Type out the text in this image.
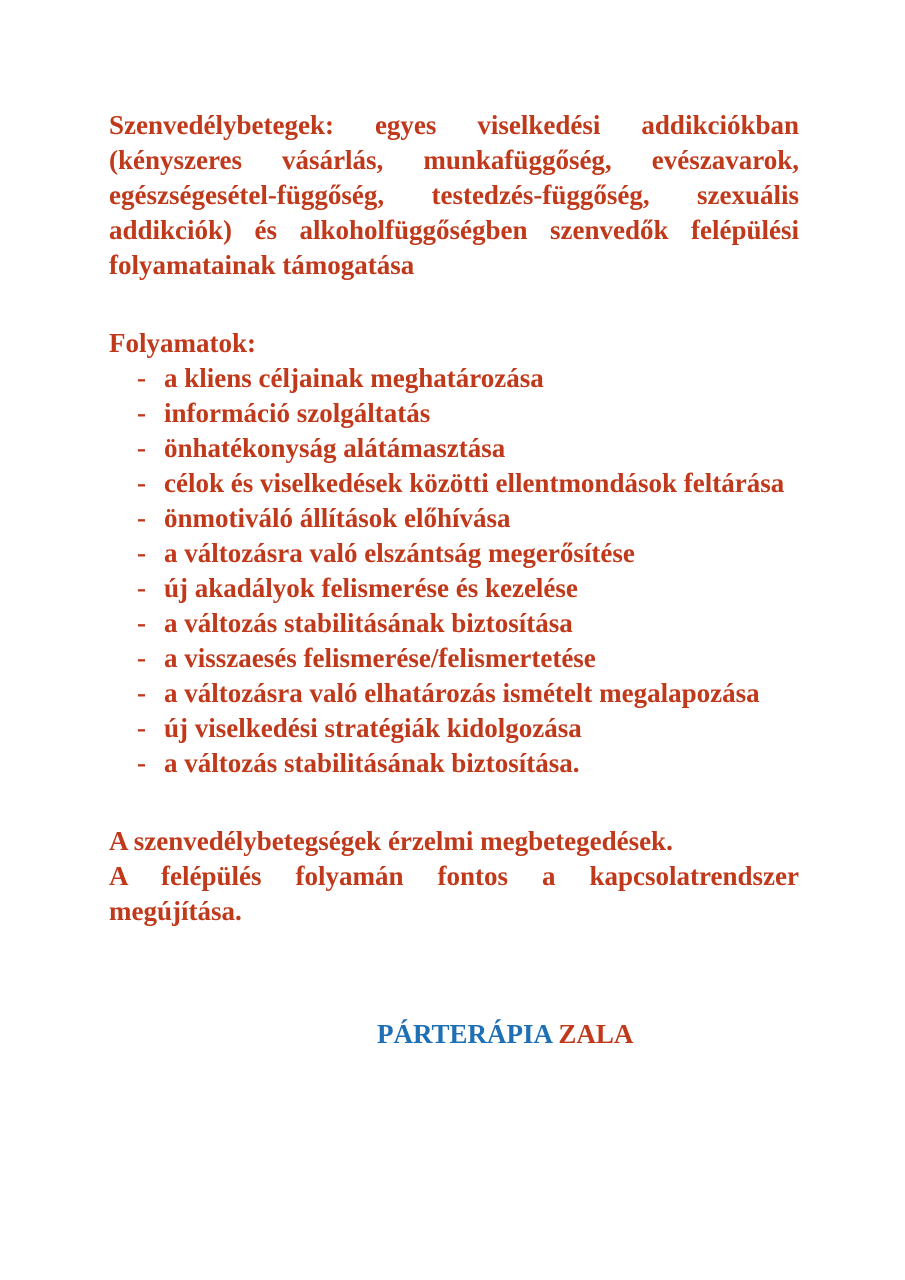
Szenvedélybetegek: egyes viselkedési addikciókban (kényszeres vásárlás, munkafüggőség, evészavarok, egészségesétel-függőség, testedzés-függőség, szexuális addikciók) és alkoholfüggőségben szenvedők felépülési folyamatainak támogatása

Folyamatok:

- a kliens céljainak meghatározása
- információ szolgáltatás
- önhatékonyság alátámasztása
- célok és viselkedések közötti ellentmondások feltárása
- önmotiváló állítások előhívása
- a változásra való elszántság megerősítése
- új akadályok felismerése és kezelése
- a változás stabilitásának biztosítása
- a visszaesés felismerése/felismertetése
- a változásra való elhatározás ismételt megalapozása
- új viselkedési stratégiák kidolgozása
- a változás stabilitásának biztosítása.
A szenvedélybetegségek érzelmi megbetegedések.
A felépülés folyamán fontos a kapcsolatrendszer megújítása.
PÁRTERÁPIA ZALA
